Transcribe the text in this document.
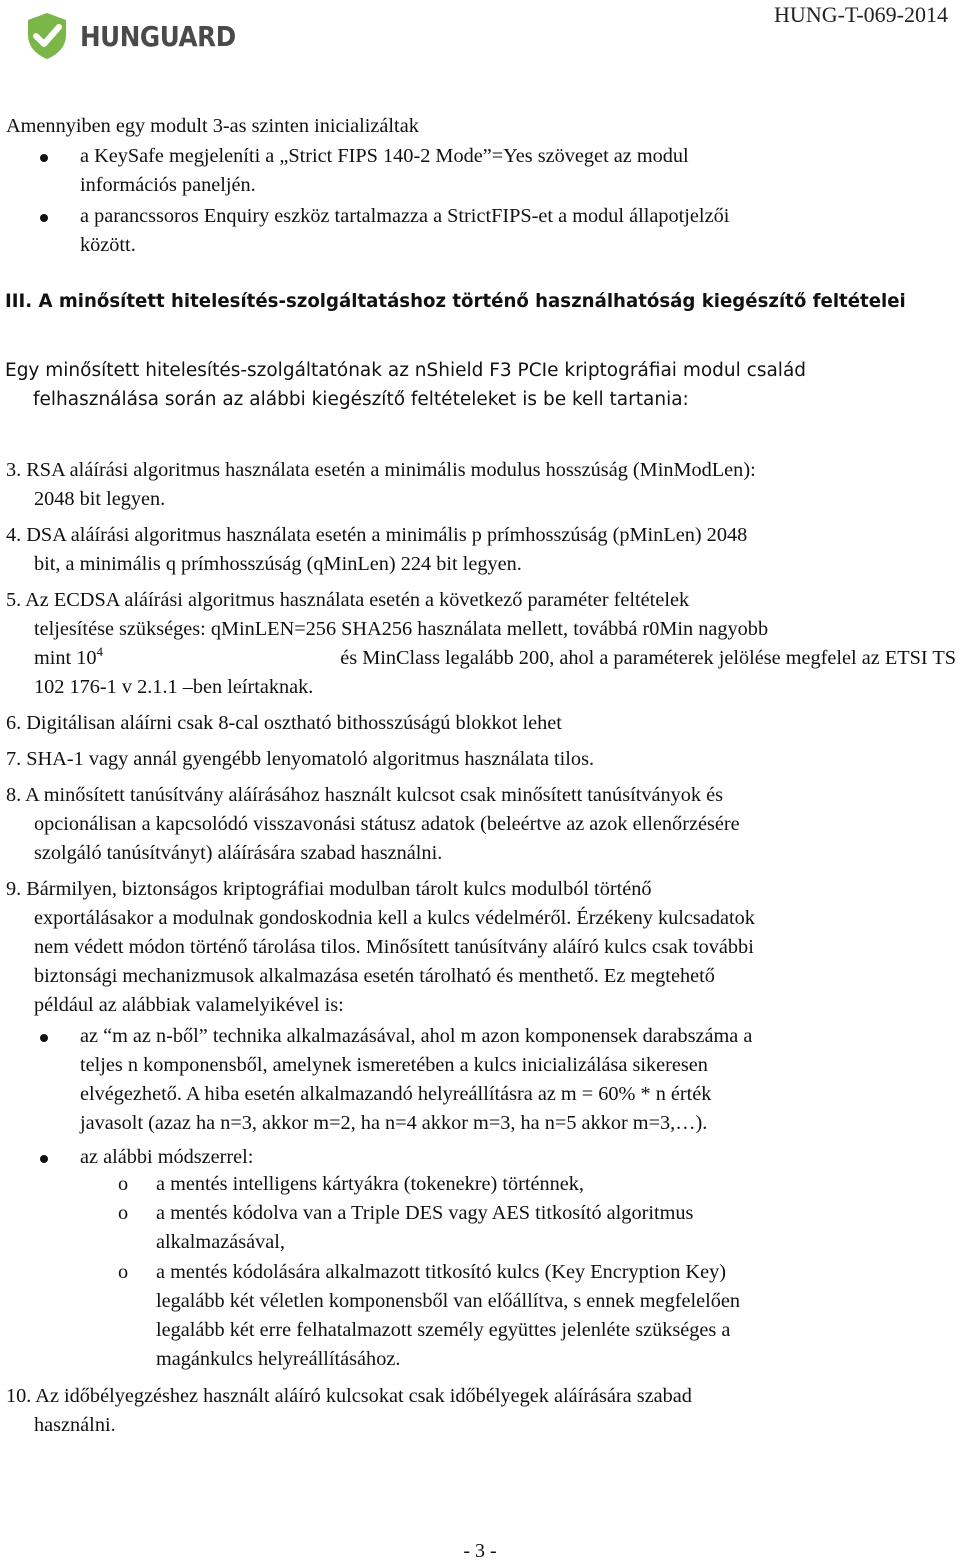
HUNGUARD
HUNG-T-069-2014
Amennyiben egy modult 3-as szinten inicializáltak
a KeySafe megjeleníti a „Strict FIPS 140-2 Mode”=Yes szöveget az modul
információs paneljén.
a parancssoros Enquiry eszköz tartalmazza a StrictFIPS-et a modul állapotjelzői
között.
III. A minősített hitelesítés-szolgáltatáshoz történő használhatóság kiegészítő feltételei
Egy minősített hitelesítés-szolgáltatónak az nShield F3 PCIe kriptográfiai modul család
felhasználása során az alábbi kiegészítő feltételeket is be kell tartania:
3. RSA aláírási algoritmus használata esetén a minimális modulus hosszúság (MinModLen):
2048 bit legyen.
4. DSA aláírási algoritmus használata esetén a minimális p prímhosszúság (pMinLen) 2048
bit, a minimális q prímhosszúság (qMinLen) 224 bit legyen.
5. Az ECDSA aláírási algoritmus használata esetén a következő paraméter feltételek
teljesítése szükséges: qMinLEN=256 SHA256 használata mellett, továbbá r0Min nagyobb
mint $10^4$	és MinClass legalább 200, ahol a paraméterek jelölése megfelel az ETSI TS
102 176-1 v 2.1.1 –ben leírtaknak.
6. Digitálisan aláírni csak 8-cal osztható bithosszúságú blokkot lehet
7. SHA-1 vagy annál gyengébb lenyomatoló algoritmus használata tilos.
8. A minősített tanúsítvány aláírásához használt kulcsot csak minősített tanúsítványok és
opcionálisan a kapcsolódó visszavonási státusz adatok (beleértve az azok ellenőrzésére
szolgáló tanúsítványt) aláírására szabad használni.
9. Bármilyen, biztonságos kriptográfiai modulban tárolt kulcs modulból történő
exportálásakor a modulnak gondoskodnia kell a kulcs védelméről. Érzékeny kulcsadatok
nem védett módon történő tárolása tilos. Minősített tanúsítvány aláíró kulcs csak további
biztonsági mechanizmusok alkalmazása esetén tárolható és menthető. Ez megtehető
például az alábbiak valamelyikével is:
az “m az n-ből” technika alkalmazásával, ahol m azon komponensek darabszáma a
teljes n komponensből, amelynek ismeretében a kulcs inicializálása sikeresen
elvégezhető. A hiba esetén alkalmazandó helyreállításra az m = 60% * n érték
javasolt (azaz ha n=3, akkor m=2, ha n=4 akkor m=3, ha n=5 akkor m=3,…).
az alábbi módszerrel:
o a mentés intelligens kártyákra (tokenekre) történnek,
o a mentés kódolva van a Triple DES vagy AES titkosító algoritmus
alkalmazásával,
o a mentés kódolására alkalmazott titkosító kulcs (Key Encryption Key)
legalább két véletlen komponensből van előállítva, s ennek megfelelően
legalább két erre felhatalmazott személy együttes jelenléte szükséges a
magánkulcs helyreállításához.
10. Az időbélyegzéshez használt aláíró kulcsokat csak időbélyegek aláírására szabad
használni.
- 3 -
